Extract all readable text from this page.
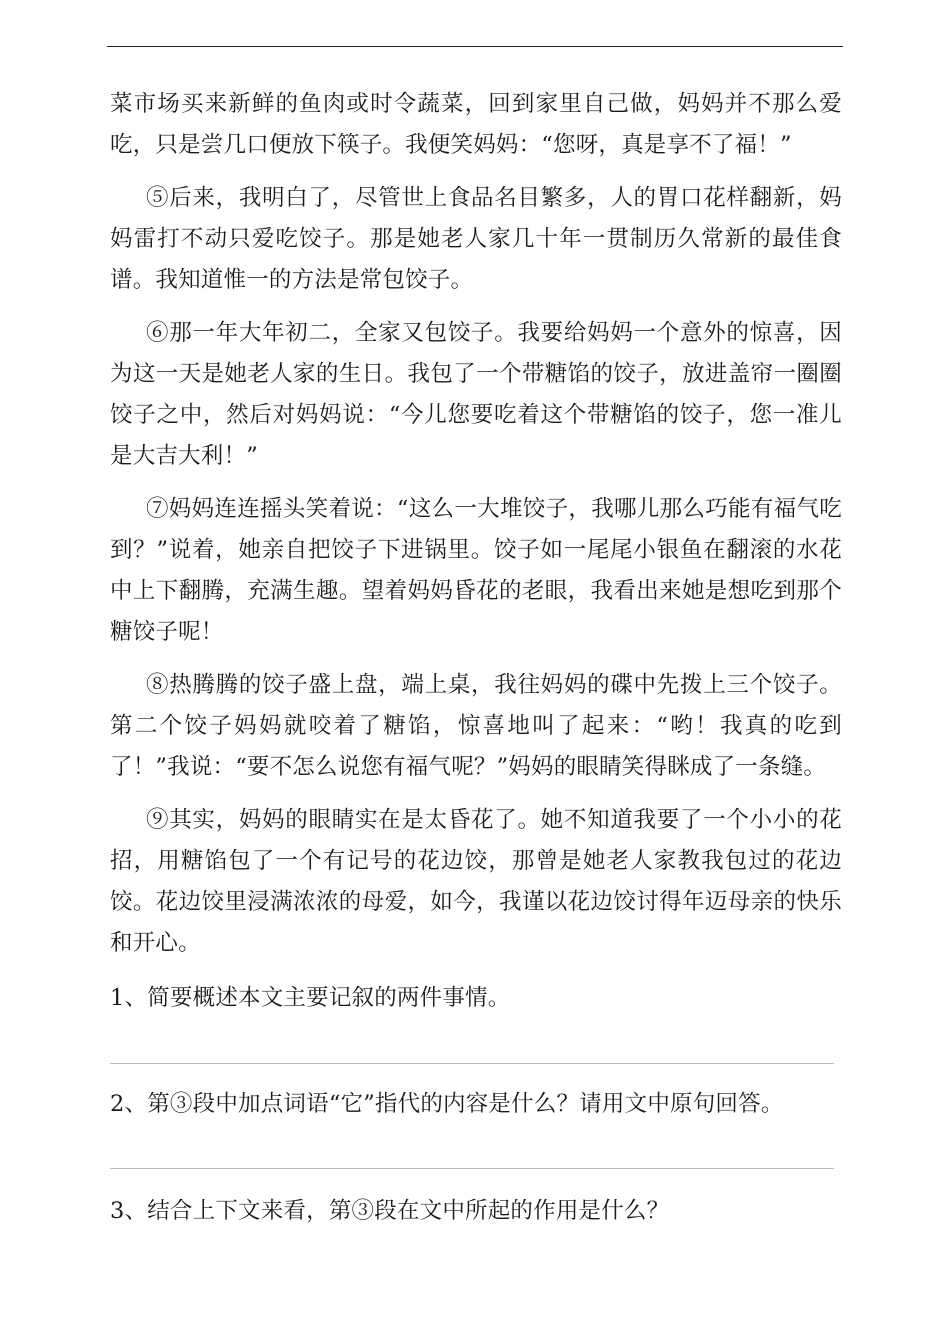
菜市场买来新鲜的鱼肉或时令蔬菜，回到家里自己做，妈妈并不那么爱吃，只是尝几口便放下筷子。我便笑妈妈：“您呀，真是享不了福！”

⑤后来，我明白了，尽管世上食品名目繁多，人的胃口花样翻新，妈妈雷打不动只爱吃饺子。那是她老人家几十年一贯制历久常新的最佳食谱。我知道惟一的方法是常包饺子。

⑥那一年大年初二，全家又包饺子。我要给妈妈一个意外的惊喜，因为这一天是她老人家的生日。我包了一个带糖馅的饺子，放进盖帘一圈圈饺子之中，然后对妈妈说：“今儿您要吃着这个带糖馅的饺子，您一准儿是大吉大利！”

⑦妈妈连连摇头笑着说：“这么一大堆饺子，我哪儿那么巧能有福气吃到？”说着，她亲自把饺子下进锅里。饺子如一尾尾小银鱼在翻滚的水花中上下翻腾，充满生趣。望着妈妈昏花的老眼，我看出来她是想吃到那个糖饺子呢！

⑧热腾腾的饺子盛上盘，端上桌，我往妈妈的碟中先拨上三个饺子。第二个饺子妈妈就咬着了糖馅，惊喜地叫了起来：“哟！我真的吃到了！”我说：“要不怎么说您有福气呢？”妈妈的眼睛笑得眯成了一条缝。

⑨其实，妈妈的眼睛实在是太昏花了。她不知道我要了一个小小的花招，用糖馅包了一个有记号的花边饺，那曾是她老人家教我包过的花边饺。花边饺里浸满浓浓的母爱，如今，我谨以花边饺讨得年迈母亲的快乐和开心。

1、简要概述本文主要记叙的两件事情。

2、第③段中加点词语“它”指代的内容是什么？请用文中原句回答。

3、结合上下文来看，第③段在文中所起的作用是什么？
